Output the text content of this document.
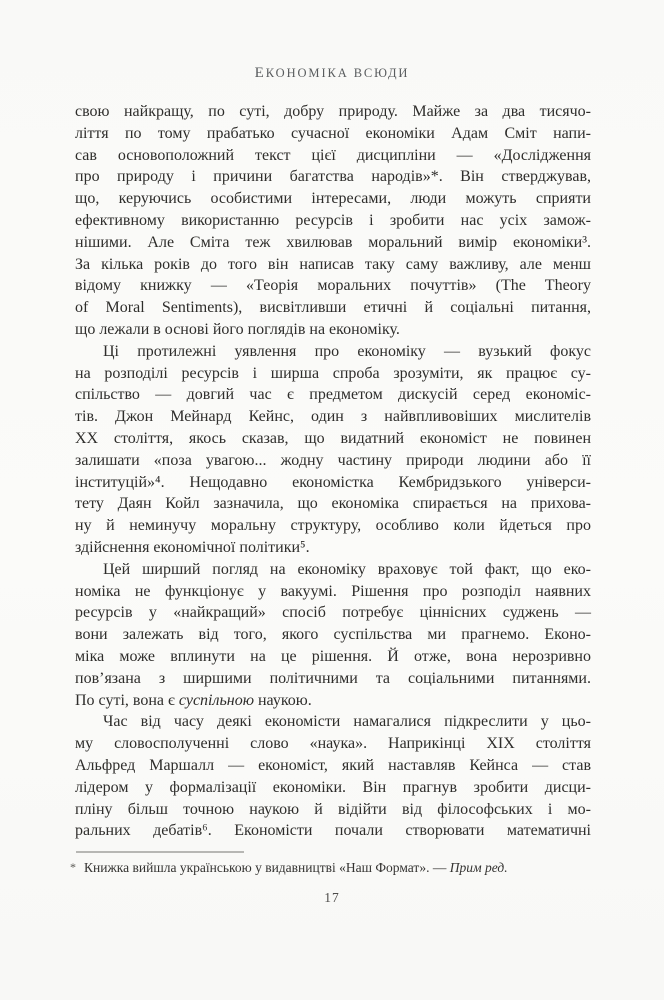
ЕКОНОМІКА ВСЮДИ
свою найкращу, по суті, добру природу. Майже за два тисячо-
ліття по тому прабатько сучасної економіки Адам Сміт напи-
сав основоположний текст цієї дисципліни — «Дослідження
про природу і причини багатства народів»*. Він стверджував,
що, керуючись особистими інтересами, люди можуть сприяти
ефективному використанню ресурсів і зробити нас усіх замож-
нішими. Але Сміта теж хвилював моральний вимір економіки³.
За кілька років до того він написав таку саму важливу, але менш
відому книжку — «Теорія моральних почуттів» (The Theory
of Moral Sentiments), висвітливши етичні й соціальні питання,
що лежали в основі його поглядів на економіку.
Ці протилежні уявлення про економіку — вузький фокус
на розподілі ресурсів і ширша спроба зрозуміти, як працює су-
спільство — довгий час є предметом дискусій серед економіс-
тів. Джон Мейнард Кейнс, один з найвпливовіших мислителів
ХХ століття, якось сказав, що видатний економіст не повинен
залишати «поза увагою... жодну частину природи людини або її
інституцій»⁴. Нещодавно економістка Кембридзького універси-
тету Даян Койл зазначила, що економіка спирається на прихова-
ну й неминучу моральну структуру, особливо коли йдеться про
здійснення економічної політики⁵.
Цей ширший погляд на економіку враховує той факт, що еко-
номіка не функціонує у вакуумі. Рішення про розподіл наявних
ресурсів у «найкращий» спосіб потребує ціннісних суджень —
вони залежать від того, якого суспільства ми прагнемо. Еконо-
міка може вплинути на це рішення. Й отже, вона нерозривно
пов’язана з ширшими політичними та соціальними питаннями.
По суті, вона є суспільною наукою.
Час від часу деякі економісти намагалися підкреслити у цьо-
му словосполученні слово «наука». Наприкінці XIX століття
Альфред Маршалл — економіст, який наставляв Кейнса — став
лідером у формалізації економіки. Він прагнув зробити дисци-
пліну більш точною наукою й відійти від філософських і мо-
ральних дебатів⁶. Економісти почали створювати математичні
* Книжка вийшла українською у видавництві «Наш Формат». — Прим ред.
17
